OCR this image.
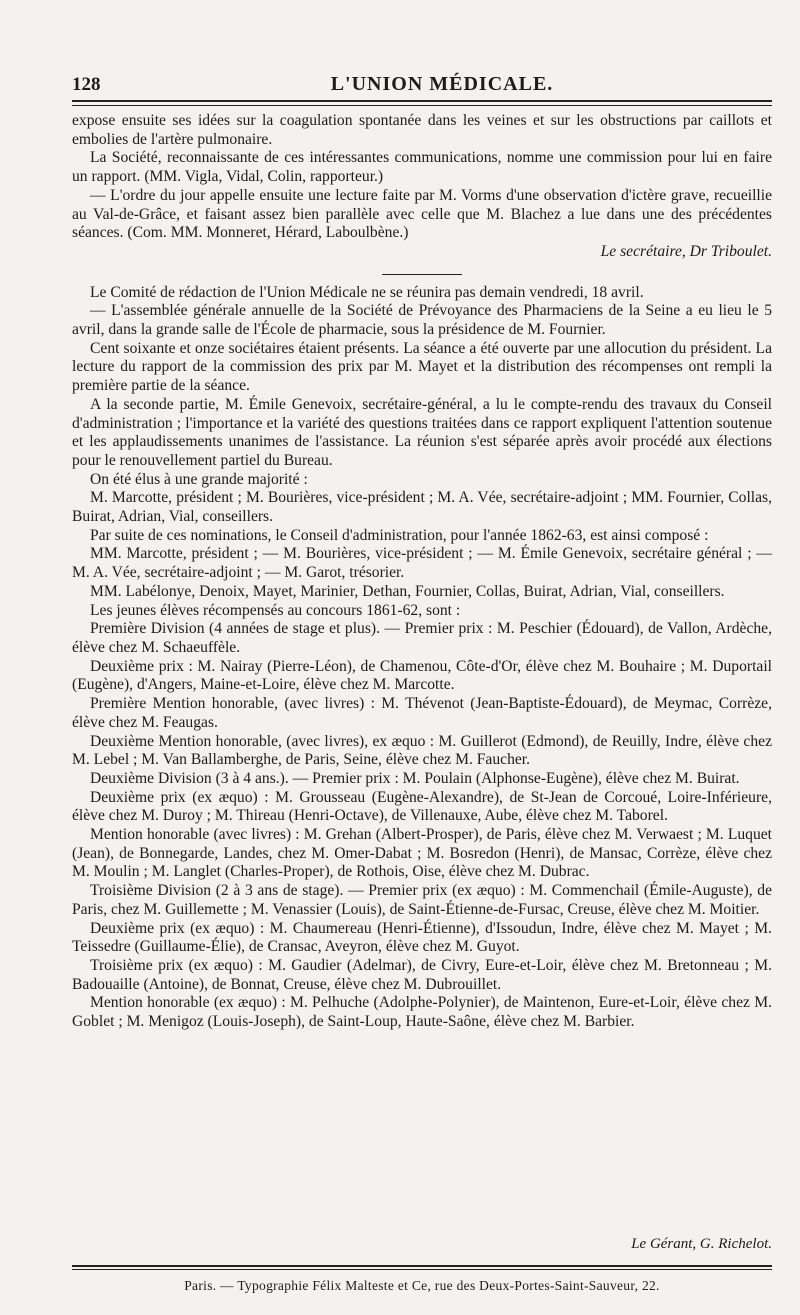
128	L'UNION MÉDICALE.

expose ensuite ses idées sur la coagulation spontanée dans les veines et sur les obstructions par caillots et embolies de l'artère pulmonaire.

La Société, reconnaissante de ces intéressantes communications, nomme une commission pour lui en faire un rapport. (MM. Vigla, Vidal, Colin, rapporteur.)

— L'ordre du jour appelle ensuite une lecture faite par M. Vorms d'une observation d'ictère grave, recueillie au Val-de-Grâce, et faisant assez bien parallèle avec celle que M. Blachez a lue dans une des précédentes séances. (Com. MM. Monneret, Hérard, Laboulbène.)

Le secrétaire, Dr Triboulet.

Le Comité de rédaction de l'Union Médicale ne se réunira pas demain vendredi, 18 avril.

— L'assemblée générale annuelle de la Société de Prévoyance des Pharmaciens de la Seine a eu lieu le 5 avril, dans la grande salle de l'École de pharmacie, sous la présidence de M. Fournier.

Cent soixante et onze sociétaires étaient présents. La séance a été ouverte par une allocution du président. La lecture du rapport de la commission des prix par M. Mayet et la distribution des récompenses ont rempli la première partie de la séance.

A la seconde partie, M. Émile Genevoix, secrétaire-général, a lu le compte-rendu des travaux du Conseil d'administration ; l'importance et la variété des questions traitées dans ce rapport expliquent l'attention soutenue et les applaudissements unanimes de l'assistance. La réunion s'est séparée après avoir procédé aux élections pour le renouvellement partiel du Bureau.

On été élus à une grande majorité :

M. Marcotte, président ; M. Bourières, vice-président ; M. A. Vée, secrétaire-adjoint ; MM. Fournier, Collas, Buirat, Adrian, Vial, conseillers.

Par suite de ces nominations, le Conseil d'administration, pour l'année 1862-63, est ainsi composé :

MM. Marcotte, président ; — M. Bourières, vice-président ; — M. Émile Genevoix, secrétaire général ; — M. A. Vée, secrétaire-adjoint ; — M. Garot, trésorier.

MM. Labélonye, Denoix, Mayet, Marinier, Dethan, Fournier, Collas, Buirat, Adrian, Vial, conseillers.

Les jeunes élèves récompensés au concours 1861-62, sont :

Première Division (4 années de stage et plus). — Premier prix : M. Peschier (Édouard), de Vallon, Ardèche, élève chez M. Schaeuffèle.

Deuxième prix : M. Nairay (Pierre-Léon), de Chamenou, Côte-d'Or, élève chez M. Bouhaire ; M. Duportail (Eugène), d'Angers, Maine-et-Loire, élève chez M. Marcotte.

Première Mention honorable, (avec livres) : M. Thévenot (Jean-Baptiste-Édouard), de Meymac, Corrèze, élève chez M. Feaugas.

Deuxième Mention honorable, (avec livres), ex æquo : M. Guillerot (Edmond), de Reuilly, Indre, élève chez M. Lebel ; M. Van Ballamberghe, de Paris, Seine, élève chez M. Faucher.

Deuxième Division (3 à 4 ans.). — Premier prix : M. Poulain (Alphonse-Eugène), élève chez M. Buirat.

Deuxième prix (ex æquo) : M. Grousseau (Eugène-Alexandre), de St-Jean de Corcoué, Loire-Inférieure, élève chez M. Duroy ; M. Thireau (Henri-Octave), de Villenauxe, Aube, élève chez M. Taborel.

Mention honorable (avec livres) : M. Grehan (Albert-Prosper), de Paris, élève chez M. Verwaest ; M. Luquet (Jean), de Bonnegarde, Landes, chez M. Omer-Dabat ; M. Bosredon (Henri), de Mansac, Corrèze, élève chez M. Moulin ; M. Langlet (Charles-Proper), de Rothois, Oise, élève chez M. Dubrac.

Troisième Division (2 à 3 ans de stage). — Premier prix (ex æquo) : M. Commenchail (Émile-Auguste), de Paris, chez M. Guillemette ; M. Venassier (Louis), de Saint-Étienne-de-Fursac, Creuse, élève chez M. Moitier.

Deuxième prix (ex æquo) : M. Chaumereau (Henri-Étienne), d'Issoudun, Indre, élève chez M. Mayet ; M. Teissedre (Guillaume-Élie), de Cransac, Aveyron, élève chez M. Guyot.

Troisième prix (ex æquo) : M. Gaudier (Adelmar), de Civry, Eure-et-Loir, élève chez M. Bretonneau ; M. Badouaille (Antoine), de Bonnat, Creuse, élève chez M. Dubrouillet.

Mention honorable (ex æquo) : M. Pelhuche (Adolphe-Polynier), de Maintenon, Eure-et-Loir, élève chez M. Goblet ; M. Menigoz (Louis-Joseph), de Saint-Loup, Haute-Saône, élève chez M. Barbier.

Le Gérant, G. Richelot.
Paris. — Typographie Félix Malteste et Ce, rue des Deux-Portes-Saint-Sauveur, 22.
